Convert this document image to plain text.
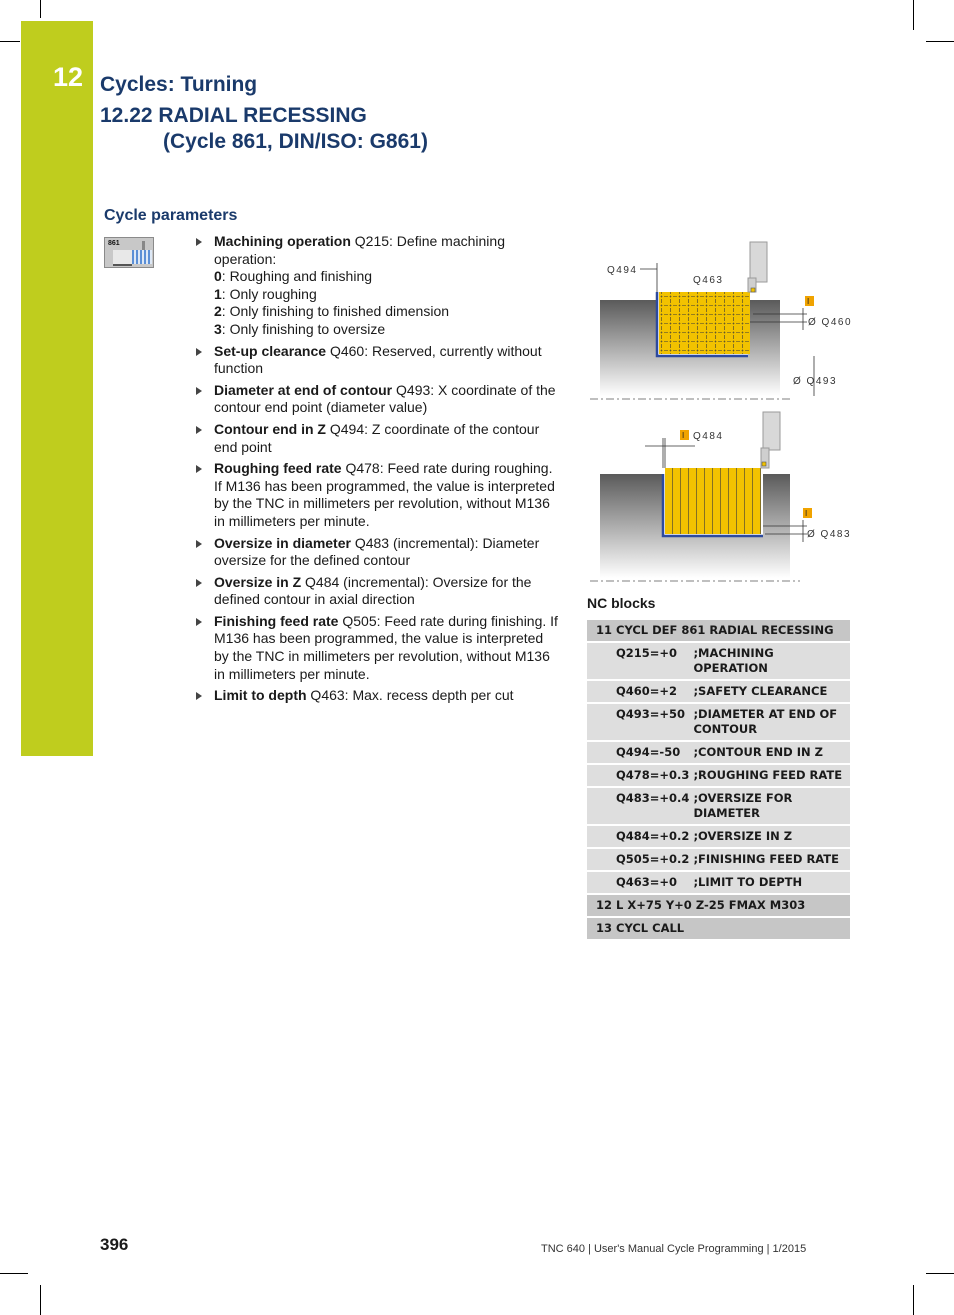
12 Cycles: Turning
12.22 RADIAL RECESSING
(Cycle 861, DIN/ISO: G861)
Cycle parameters
861	Machining operation Q215: Define machining operation:
0: Roughing and finishing
1: Only roughing
2: Only finishing to finished dimension
3: Only finishing to oversize
Set-up clearance Q460: Reserved, currently without function
Diameter at end of contour Q493: X coordinate of the contour end point (diameter value)
Contour end in Z Q494: Z coordinate of the contour end point
Roughing feed rate Q478: Feed rate during roughing. If M136 has been programmed, the value is interpreted by the TNC in millimeters per revolution, without M136 in millimeters per minute.
Oversize in diameter Q483 (incremental): Diameter oversize for the defined contour
Oversize in Z Q484 (incremental): Oversize for the defined contour in axial direction
Finishing feed rate Q505: Feed rate during finishing. If M136 has been programmed, the value is interpreted by the TNC in millimeters per revolution, without M136 in millimeters per minute.
Limit to depth Q463: Max. recess depth per cut
Q494
Q463
I
Ø Q460
Ø Q493
I Q484
I
Ø Q483
NC blocks
11 CYCL DEF 861 RADIAL RECESSING	
Q215=+0	;MACHINING OPERATION
Q460=+2	;SAFETY CLEARANCE
Q493=+50	;DIAMETER AT END OF CONTOUR
Q494=-50	;CONTOUR END IN Z
Q478=+0.3	;ROUGHING FEED RATE
Q483=+0.4	;OVERSIZE FOR DIAMETER
Q484=+0.2	;OVERSIZE IN Z
Q505=+0.2	;FINISHING FEED RATE
Q463=+0	;LIMIT TO DEPTH
12 L X+75 Y+0 Z-25 FMAX M303	
13 CYCL CALL	
396	TNC 640 | User's Manual Cycle Programming | 1/2015
